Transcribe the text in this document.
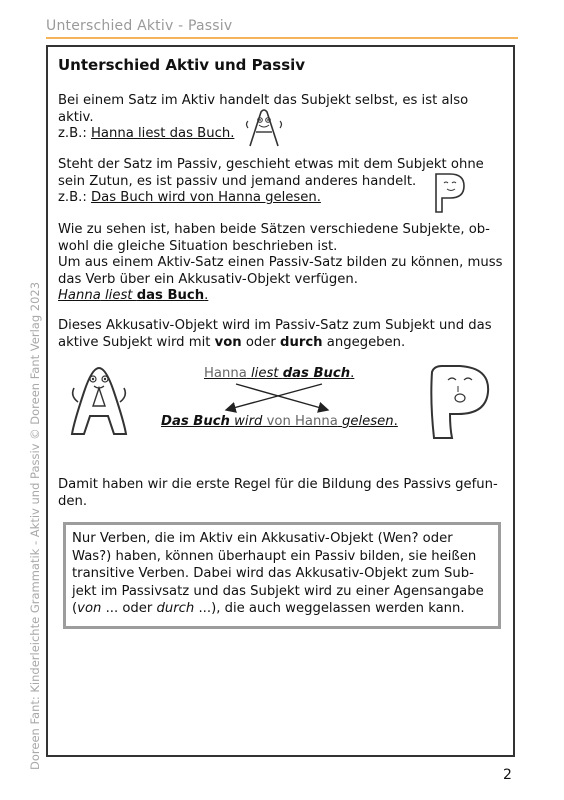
Unterschied Aktiv - Passiv
Doreen Fant: Kinderleichte Grammatik - Aktiv und Passiv © Doreen Fant Verlag 2023
Unterschied Aktiv und Passiv
Bei einem Satz im Aktiv handelt das Subjekt selbst, es ist also
aktiv.
z.B.: Hanna liest das Buch.
Steht der Satz im Passiv, geschieht etwas mit dem Subjekt ohne
sein Zutun, es ist passiv und jemand anderes handelt.
z.B.: Das Buch wird von Hanna gelesen.
Wie zu sehen ist, haben beide Sätzen verschiedene Subjekte, ob-
wohl die gleiche Situation beschrieben ist.
Um aus einem Aktiv-Satz einen Passiv-Satz bilden zu können, muss
das Verb über ein Akkusativ-Objekt verfügen.
Hanna liest das Buch.
Dieses Akkusativ-Objekt wird im Passiv-Satz zum Subjekt und das
aktive Subjekt wird mit von oder durch angegeben.
Hanna liest das Buch.
Das Buch wird von Hanna gelesen.
Damit haben wir die erste Regel für die Bildung des Passivs gefun-
den.
Nur Verben, die im Aktiv ein Akkusativ-Objekt (Wen? oder
Was?) haben, können überhaupt ein Passiv bilden, sie heißen
transitive Verben. Dabei wird das Akkusativ-Objekt zum Sub-
jekt im Passivsatz und das Subjekt wird zu einer Agensangabe
(von ... oder durch ...), die auch weggelassen werden kann.
2
